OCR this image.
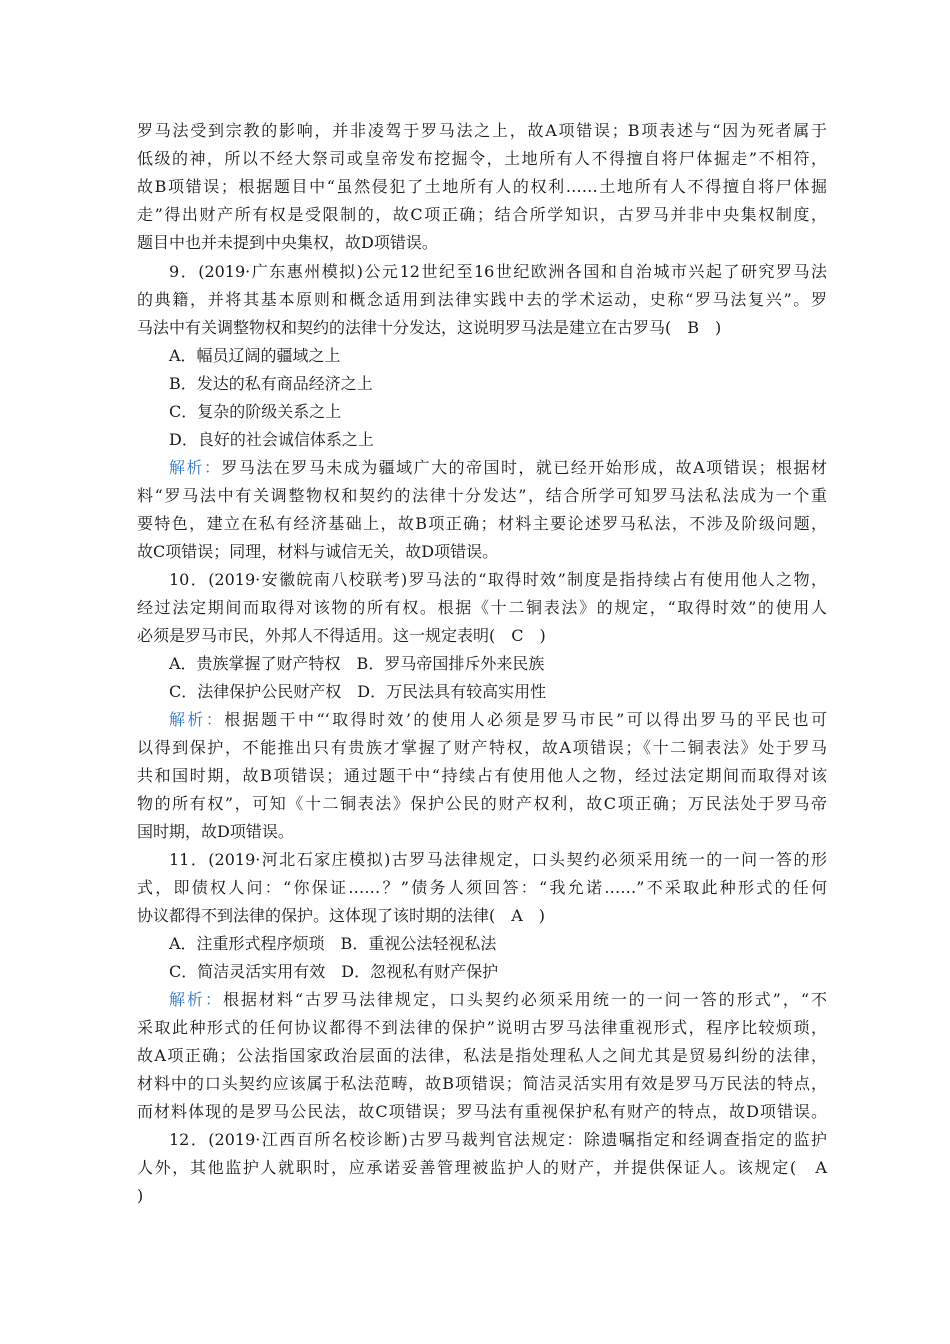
罗马法受到宗教的影响，并非凌驾于罗马法之上，故A项错误；B项表述与“因为死者属于
低级的神，所以不经大祭司或皇帝发布挖掘令，土地所有人不得擅自将尸体掘走”不相符，
故B项错误；根据题目中“虽然侵犯了土地所有人的权利……土地所有人不得擅自将尸体掘
走”得出财产所有权是受限制的，故C项正确；结合所学知识，古罗马并非中央集权制度，
题目中也并未提到中央集权，故D项错误。
9．(2019·广东惠州模拟)公元12世纪至16世纪欧洲各国和自治城市兴起了研究罗马法
的典籍，并将其基本原则和概念适用到法律实践中去的学术运动，史称“罗马法复兴”。罗
马法中有关调整物权和契约的法律十分发达，这说明罗马法是建立在古罗马(　B　)
A．幅员辽阔的疆域之上
B．发达的私有商品经济之上
C．复杂的阶级关系之上
D．良好的社会诚信体系之上
解析：罗马法在罗马未成为疆域广大的帝国时，就已经开始形成，故A项错误；根据材
料“罗马法中有关调整物权和契约的法律十分发达”，结合所学可知罗马法私法成为一个重
要特色，建立在私有经济基础上，故B项正确；材料主要论述罗马私法，不涉及阶级问题，
故C项错误；同理，材料与诚信无关，故D项错误。
10．(2019·安徽皖南八校联考)罗马法的“取得时效”制度是指持续占有使用他人之物，
经过法定期间而取得对该物的所有权。根据《十二铜表法》的规定，“取得时效”的使用人
必须是罗马市民，外邦人不得适用。这一规定表明(　C　)
A．贵族掌握了财产特权　B．罗马帝国排斥外来民族
C．法律保护公民财产权　D．万民法具有较高实用性
解析：根据题干中“‘取得时效’的使用人必须是罗马市民”可以得出罗马的平民也可
以得到保护，不能推出只有贵族才掌握了财产特权，故A项错误；《十二铜表法》处于罗马
共和国时期，故B项错误；通过题干中“持续占有使用他人之物，经过法定期间而取得对该
物的所有权”，可知《十二铜表法》保护公民的财产权利，故C项正确；万民法处于罗马帝
国时期，故D项错误。
11．(2019·河北石家庄模拟)古罗马法律规定，口头契约必须采用统一的一问一答的形
式，即债权人问：“你保证……？”债务人须回答：“我允诺……”不采取此种形式的任何
协议都得不到法律的保护。这体现了该时期的法律(　A　)
A．注重形式程序烦琐　B．重视公法轻视私法
C．简洁灵活实用有效　D．忽视私有财产保护
解析：根据材料“古罗马法律规定，口头契约必须采用统一的一问一答的形式”，“不
采取此种形式的任何协议都得不到法律的保护”说明古罗马法律重视形式，程序比较烦琐，
故A项正确；公法指国家政治层面的法律，私法是指处理私人之间尤其是贸易纠纷的法律，
材料中的口头契约应该属于私法范畴，故B项错误；简洁灵活实用有效是罗马万民法的特点，
而材料体现的是罗马公民法，故C项错误；罗马法有重视保护私有财产的特点，故D项错误。
12．(2019·江西百所名校诊断)古罗马裁判官法规定：除遗嘱指定和经调查指定的监护
人外，其他监护人就职时，应承诺妥善管理被监护人的财产，并提供保证人。该规定(　A
)
